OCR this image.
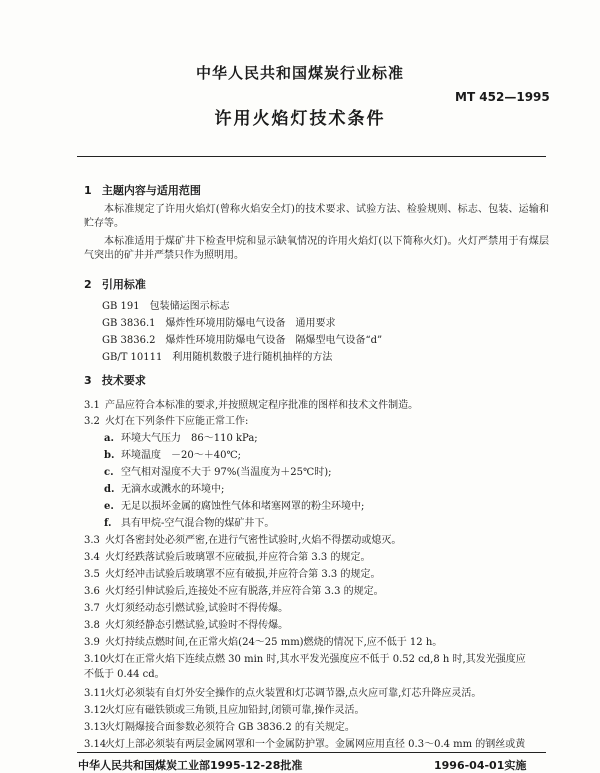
中华人民共和国煤炭行业标准
MT 452—1995
许用火焰灯技术条件
1 主题内容与适用范围
本标准规定了许用火焰灯(曾称火焰安全灯)的技术要求、试验方法、检验规则、标志、包装、运输和贮存等。
本标准适用于煤矿井下检查甲烷和显示缺氧情况的许用火焰灯(以下简称火灯)。火灯严禁用于有煤层气突出的矿井并严禁只作为照明用。
2 引用标准
GB 191　包装储运图示标志
GB 3836.1　爆炸性环境用防爆电气设备　通用要求
GB 3836.2　爆炸性环境用防爆电气设备　隔爆型电气设备“d”
GB/T 10111　利用随机数骰子进行随机抽样的方法
3 技术要求
3.1 产品应符合本标准的要求,并按照规定程序批准的图样和技术文件制造。
3.2 火灯在下列条件下应能正常工作:
a. 环境大气压力　86～110 kPa;
b. 环境温度　－20～＋40℃;
c. 空气相对湿度不大于 97%(当温度为＋25℃时);
d. 无滴水或溅水的环境中;
e. 无足以损坏金属的腐蚀性气体和堵塞网罩的粉尘环境中;
f. 具有甲烷-空气混合物的煤矿井下。
3.3 火灯各密封处必须严密,在进行气密性试验时,火焰不得摆动或熄灭。
3.4 火灯经跌落试验后玻璃罩不应破损,并应符合第 3.3 的规定。
3.5 火灯经冲击试验后玻璃罩不应有破损,并应符合第 3.3 的规定。
3.6 火灯经引伸试验后,连接处不应有脱落,并应符合第 3.3 的规定。
3.7 火灯须经动态引燃试验,试验时不得传爆。
3.8 火灯须经静态引燃试验,试验时不得传爆。
3.9 火灯持续点燃时间,在正常火焰(24～25 mm)燃烧的情况下,应不低于 12 h。
3.10火灯在正常火焰下连续点燃 30 min 时,其水平发光强度应不低于 0.52 cd,8 h 时,其发光强度应
不低于 0.44 cd。
3.11火灯必须装有自灯外安全操作的点火装置和灯芯调节器,点火应可靠,灯芯升降应灵活。
3.12火灯应有磁铁锁或三角锁,且应加铅封,闭锁可靠,操作灵活。
3.13火灯隔爆接合面参数必须符合 GB 3836.2 的有关规定。
3.14火灯上部必须装有两层金属网罩和一个金属防护罩。金属网应用直径 0.3～0.4 mm 的钢丝或黄
中华人民共和国煤炭工业部1995-12-28批准	1996-04-01实施
